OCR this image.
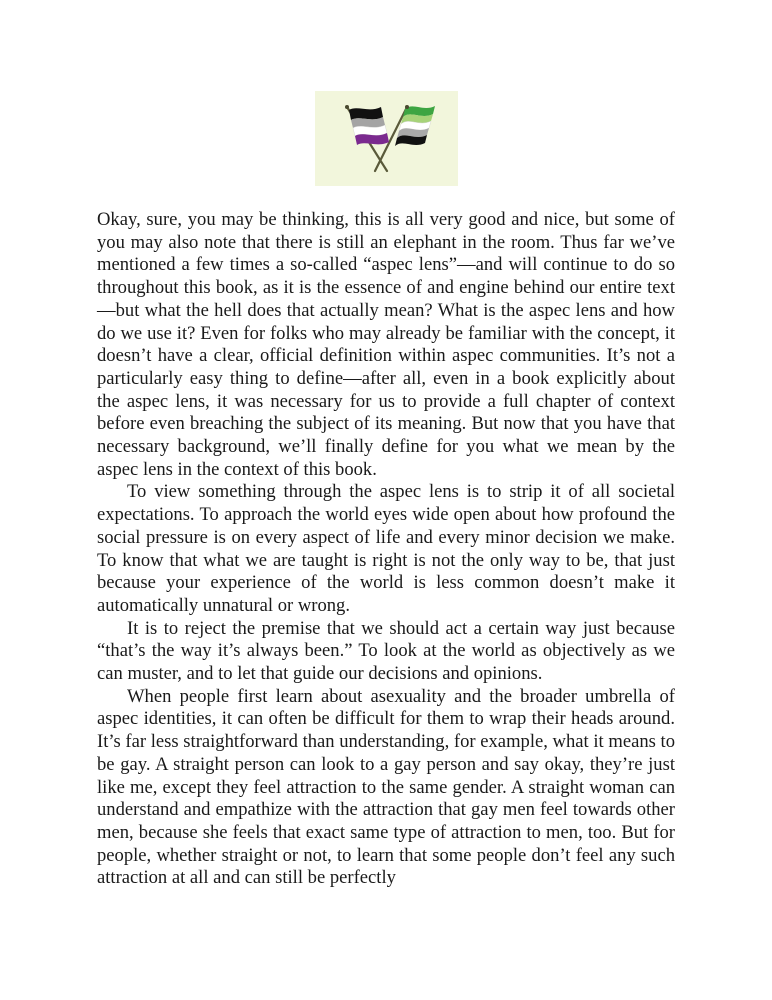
Okay, sure, you may be thinking, this is all very good and nice, but some of you may also note that there is still an elephant in the room. Thus far we’ve mentioned a few times a so-called “aspec lens”—and will continue to do so throughout this book, as it is the essence of and engine behind our entire text—but what the hell does that actually mean? What is the aspec lens and how do we use it? Even for folks who may already be familiar with the concept, it doesn’t have a clear, official definition within aspec communities. It’s not a particularly easy thing to define—after all, even in a book explicitly about the aspec lens, it was necessary for us to provide a full chapter of context before even breaching the subject of its meaning. But now that you have that necessary background, we’ll finally define for you what we mean by the aspec lens in the context of this book.

To view something through the aspec lens is to strip it of all societal expectations. To approach the world eyes wide open about how profound the social pressure is on every aspect of life and every minor decision we make. To know that what we are taught is right is not the only way to be, that just because your experience of the world is less common doesn’t make it automatically unnatural or wrong.

It is to reject the premise that we should act a certain way just because “that’s the way it’s always been.” To look at the world as objectively as we can muster, and to let that guide our decisions and opinions.

When people first learn about asexuality and the broader umbrella of aspec identities, it can often be difficult for them to wrap their heads around. It’s far less straightforward than understanding, for example, what it means to be gay. A straight person can look to a gay person and say okay, they’re just like me, except they feel attraction to the same gender. A straight woman can understand and empathize with the attraction that gay men feel towards other men, because she feels that exact same type of attraction to men, too. But for people, whether straight or not, to learn that some people don’t feel any such attraction at all and can still be perfectly
